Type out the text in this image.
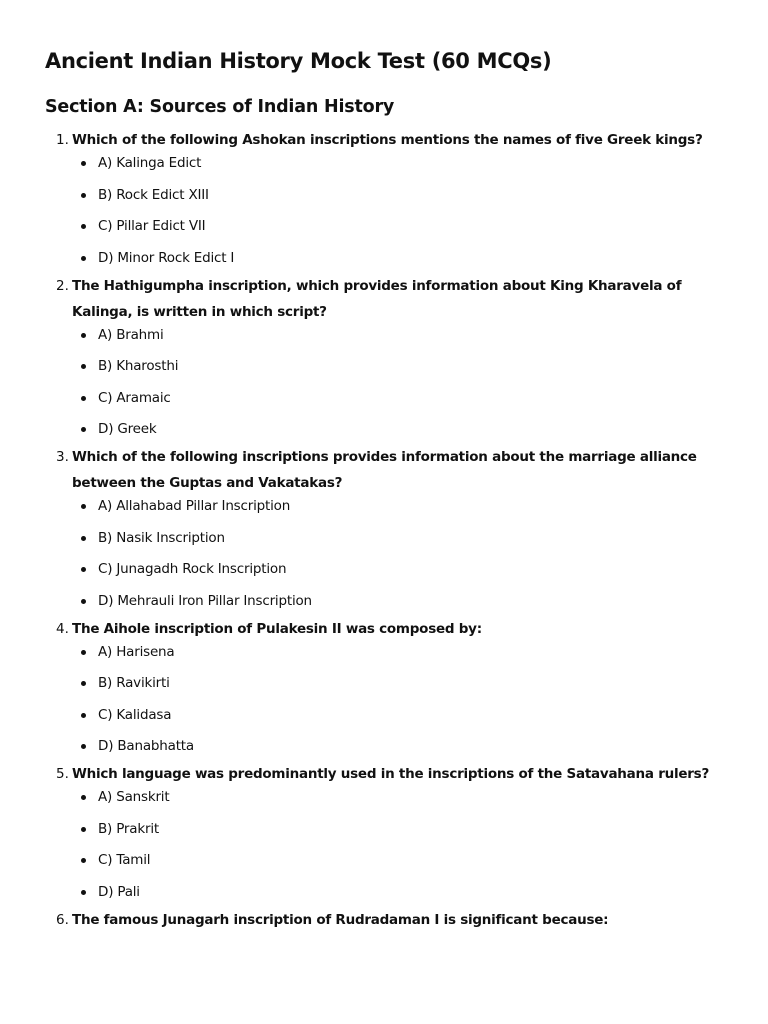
Ancient Indian History Mock Test (60 MCQs)
Section A: Sources of Indian History
1. Which of the following Ashokan inscriptions mentions the names of five Greek kings?
A) Kalinga Edict
B) Rock Edict XIII
C) Pillar Edict VII
D) Minor Rock Edict I
2. The Hathigumpha inscription, which provides information about King Kharavela of Kalinga, is written in which script?
A) Brahmi
B) Kharosthi
C) Aramaic
D) Greek
3. Which of the following inscriptions provides information about the marriage alliance between the Guptas and Vakatakas?
A) Allahabad Pillar Inscription
B) Nasik Inscription
C) Junagadh Rock Inscription
D) Mehrauli Iron Pillar Inscription
4. The Aihole inscription of Pulakesin II was composed by:
A) Harisena
B) Ravikirti
C) Kalidasa
D) Banabhatta
5. Which language was predominantly used in the inscriptions of the Satavahana rulers?
A) Sanskrit
B) Prakrit
C) Tamil
D) Pali
6. The famous Junagarh inscription of Rudradaman I is significant because:
